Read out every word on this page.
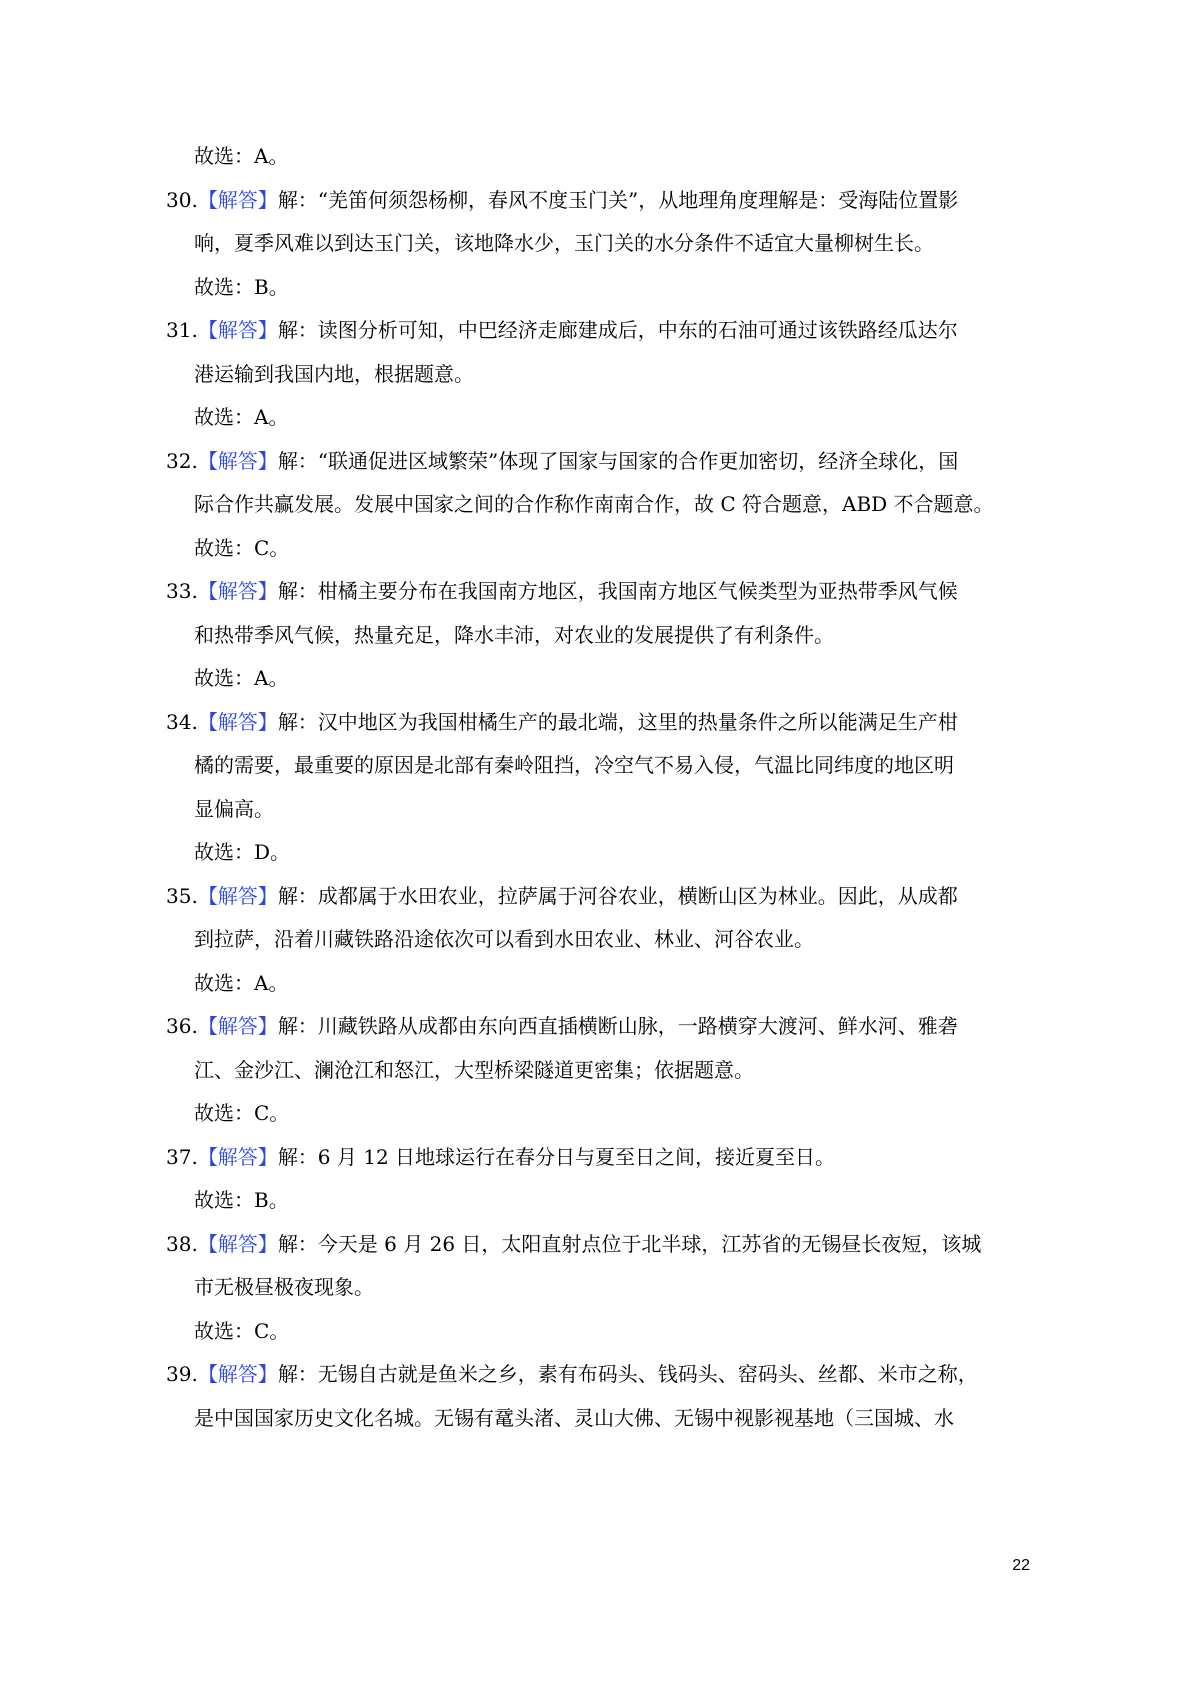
故选：A。
30.【解答】解：“羌笛何须怨杨柳，春风不度玉门关”，从地理角度理解是：受海陆位置影
响，夏季风难以到达玉门关，该地降水少，玉门关的水分条件不适宜大量柳树生长。
故选：B。
31.【解答】解：读图分析可知，中巴经济走廊建成后，中东的石油可通过该铁路经瓜达尔
港运输到我国内地，根据题意。
故选：A。
32.【解答】解：“联通促进区域繁荣”体现了国家与国家的合作更加密切，经济全球化，国
际合作共赢发展。发展中国家之间的合作称作南南合作，故 C 符合题意，ABD 不合题意。
故选：C。
33.【解答】解：柑橘主要分布在我国南方地区，我国南方地区气候类型为亚热带季风气候
和热带季风气候，热量充足，降水丰沛，对农业的发展提供了有利条件。
故选：A。
34.【解答】解：汉中地区为我国柑橘生产的最北端，这里的热量条件之所以能满足生产柑
橘的需要，最重要的原因是北部有秦岭阻挡，冷空气不易入侵，气温比同纬度的地区明
显偏高。
故选：D。
35.【解答】解：成都属于水田农业，拉萨属于河谷农业，横断山区为林业。因此，从成都
到拉萨，沿着川藏铁路沿途依次可以看到水田农业、林业、河谷农业。
故选：A。
36.【解答】解：川藏铁路从成都由东向西直插横断山脉，一路横穿大渡河、鲜水河、雅砻
江、金沙江、澜沧江和怒江，大型桥梁隧道更密集；依据题意。
故选：C。
37.【解答】解：6 月 12 日地球运行在春分日与夏至日之间，接近夏至日。
故选：B。
38.【解答】解：今天是 6 月 26 日，太阳直射点位于北半球，江苏省的无锡昼长夜短，该城
市无极昼极夜现象。
故选：C。
39.【解答】解：无锡自古就是鱼米之乡，素有布码头、钱码头、窑码头、丝都、米市之称，
是中国国家历史文化名城。无锡有鼋头渚、灵山大佛、无锡中视影视基地（三国城、水
22
